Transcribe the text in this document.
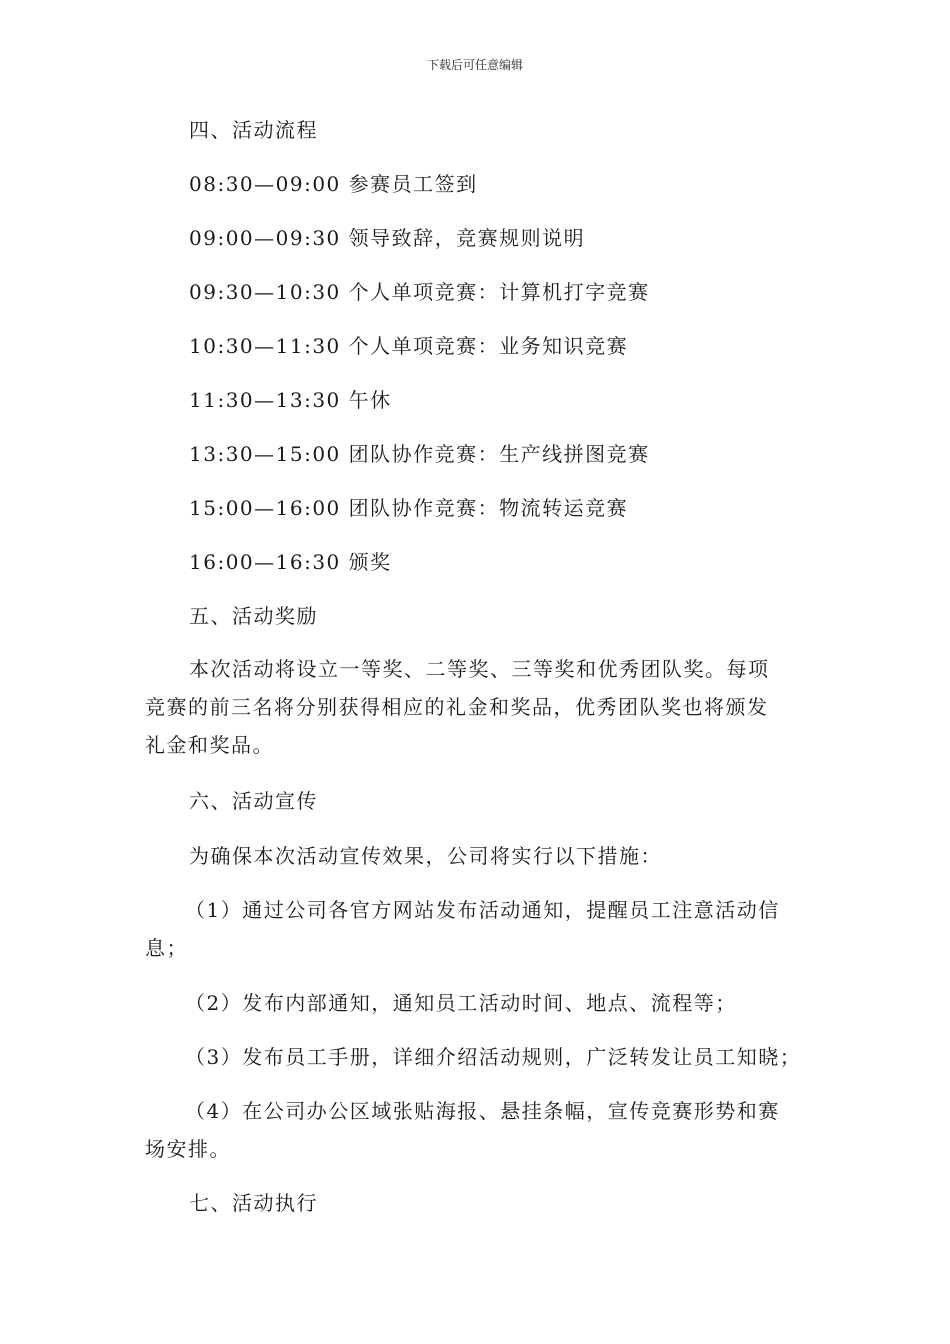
下载后可任意编辑
四、活动流程
08:30—09:00 参赛员工签到
09:00—09:30 领导致辞，竞赛规则说明
09:30—10:30 个人单项竞赛：计算机打字竞赛
10:30—11:30 个人单项竞赛：业务知识竞赛
11:30—13:30 午休
13:30—15:00 团队协作竞赛：生产线拼图竞赛
15:00—16:00 团队协作竞赛：物流转运竞赛
16:00—16:30 颁奖
五、活动奖励
本次活动将设立一等奖、二等奖、三等奖和优秀团队奖。每项
竞赛的前三名将分别获得相应的礼金和奖品，优秀团队奖也将颁发
礼金和奖品。
六、活动宣传
为确保本次活动宣传效果，公司将实行以下措施：
（1）通过公司各官方网站发布活动通知，提醒员工注意活动信
息；
（2）发布内部通知，通知员工活动时间、地点、流程等；
（3）发布员工手册，详细介绍活动规则，广泛转发让员工知晓；
（4）在公司办公区域张贴海报、悬挂条幅，宣传竞赛形势和赛
场安排。
七、活动执行
